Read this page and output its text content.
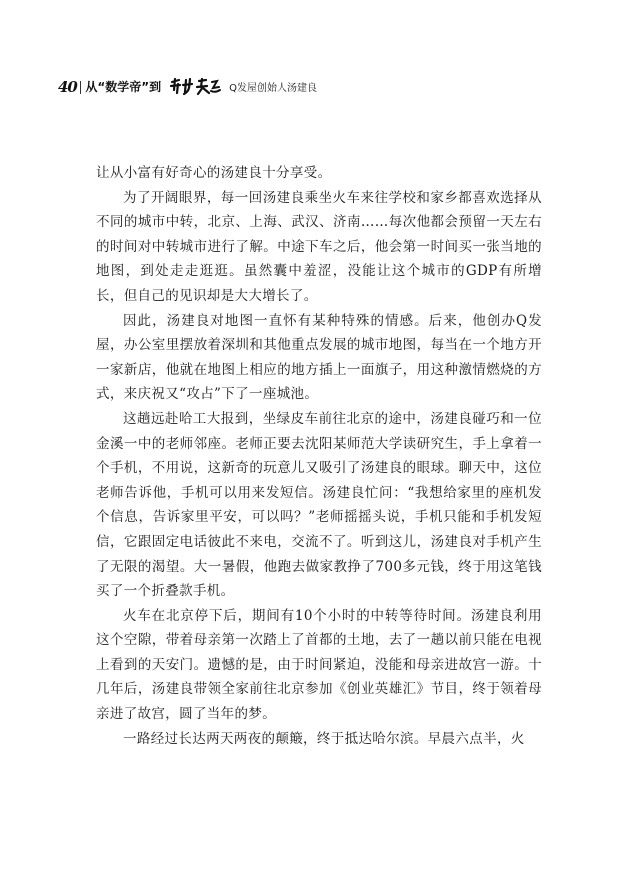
40 从“数学帝”到	Q发屋创始人汤建良

让从小富有好奇心的汤建良十分享受。

为了开阔眼界，每一回汤建良乘坐火车来往学校和家乡都喜欢选择从不同的城市中转，北京、上海、武汉、济南……每次他都会预留一天左右的时间对中转城市进行了解。中途下车之后，他会第一时间买一张当地的地图，到处走走逛逛。虽然囊中羞涩，没能让这个城市的GDP有所增长，但自己的见识却是大大增长了。

因此，汤建良对地图一直怀有某种特殊的情感。后来，他创办Q发屋，办公室里摆放着深圳和其他重点发展的城市地图，每当在一个地方开一家新店，他就在地图上相应的地方插上一面旗子，用这种激情燃烧的方式，来庆祝又“攻占”下了一座城池。

这趟远赴哈工大报到，坐绿皮车前往北京的途中，汤建良碰巧和一位金溪一中的老师邻座。老师正要去沈阳某师范大学读研究生，手上拿着一个手机，不用说，这新奇的玩意儿又吸引了汤建良的眼球。聊天中，这位老师告诉他，手机可以用来发短信。汤建良忙问：“我想给家里的座机发个信息，告诉家里平安，可以吗？”老师摇摇头说，手机只能和手机发短信，它跟固定电话彼此不来电，交流不了。听到这儿，汤建良对手机产生了无限的渴望。大一暑假，他跑去做家教挣了700多元钱，终于用这笔钱买了一个折叠款手机。

火车在北京停下后，期间有10个小时的中转等待时间。汤建良利用这个空隙，带着母亲第一次踏上了首都的土地，去了一趟以前只能在电视上看到的天安门。遗憾的是，由于时间紧迫，没能和母亲进故宫一游。十几年后，汤建良带领全家前往北京参加《创业英雄汇》节目，终于领着母亲进了故宫，圆了当年的梦。

一路经过长达两天两夜的颠簸，终于抵达哈尔滨。早晨六点半，火
